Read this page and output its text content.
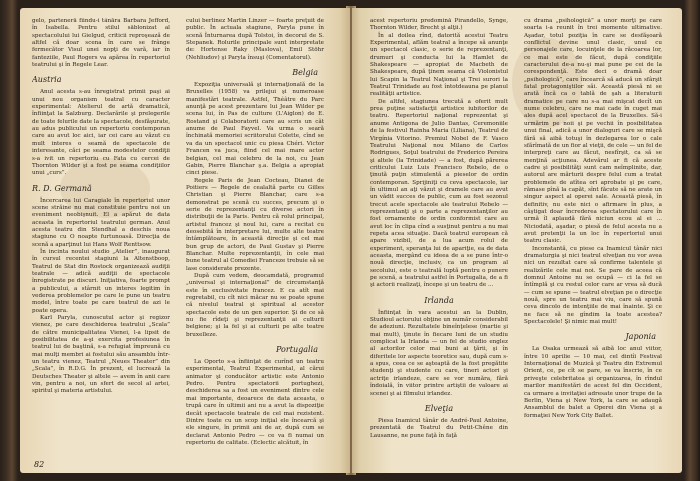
gelo, partenerā fiindu-i tânāra Barbara Jefford, în Isabella. Pentru stilul sāblonizat al spectacolului lui Gielgud, criticii reproşează de altfel că doar scena în care se frânge fermecător Visul unei nopţi de vară, iar în fanteziile, Paul Rogers va apărea în repertoriul teatrului şi în Regele Lear.

Austria

Anul acesta s-au înregistrat primii paşi ai unui nou organism teatral cu caracter experimental: Atelierul de artă dramatică, înfiinţat la Salzburg. Declarările şi prelegerile de toate felurile date la spectacole, desfăşurate, au adus publicului un repertoriu contemporan care au avut loc aici, iar cei care au văzut cu mult interes o seamă de spectacole de interesante, căci pe seama modestelor condiţii s-a ivit un repertoriu cu Fata cu cercei de Thornton Wilder şi a fost pe seama condiţiilor unui „curs”.

R. D. Germană

Încercarea lui Caragiale în repertoriul unor scene străine nu mai constituie pentru noi un eveniment neobişnuit. El a apărut de data aceasta în repertoriul teatrului german. Anul acesta teatru din Stendhal a deschis noua stagiune cu O noapte furtunoasă. Direcţia de scenă a aparţinut lui Hans Wolf Renttsow.

În incinta noului studio „Atelier”, inaugurat în cursul recentei stagiuni la Altenstboop, Teatrul de Stat din Rostock organizează audiţii teatrale — adică audiţii de spectacole înregistrate pe discuri. Iniţiativa, foarte prompt a publicului, a stârnit un interes legitim în vederea problemelor pe care le pune un teatru model, între toate pe care teatrul de azi le poate opera.

Karl Paryla, cunoscutul actor şi regizor vienez, pe care deschiderea teatrului „Scala” de către municipalitatea Vienei, l-a lipsit de posibilitatea de a-şi exercita profesiunea în teatrul lui de baştină, s-a refugiat împreună cu mai mulţi membri ai fostului său ansamblu într-un teatru vienez, Teatrul „Neues Theater” din „Scala”, în R.D.G. În prezent, el lucrează la Deutsches Theater şi altele — avem în anii care vin, pentru a noi, un sfert de secol al artei, spiritul şi materia artistului.

cului berlinez Martin Linzer — foarte preţuit de public. În actuala stagiune, Paryla pune în scenă Înturnarea după Tolstoi, în decorul de S. Stepanek. Rolurile principale sunt interpretate de: Hortense Raky (Maslova), Emil Stöhr (Nehliudov) şi Paryla însuşi (Comentatorul).

Belgia

Expoziţia universală şi internaţională de la Bruxelles (1958) va prilejui şi numeroase manifestări teatrale. Astfel, Théâtre du Parc anunţă pe acest prezentare lui Jean Wilder pe scena lui, în Pas de culture (L'Aiglon) de E. Rostand şi Colaboratorii care au scris un cât anume de Paul Fayvel. Va urma o seară închinată memoriei scriitorului Colette, cînd se va da un spectacol unic cu piesa Chéri. Victor Francen va juca, fiind cel mai mare actor belgian, cel mai celebru de la noi, cu Jean Gabin, Pierre Blanchar ş.a. Belgia a apropiat cinci piese.

Regele Paris de Jean Cocteau, Dianei de Poitiers — Regele de cealaltă parte cu Gilles Christian şi Pierre Blanchar, care s-a demonstrat pe scenă cu succes, precum şi o serie de reprezentanţi cu diverse actori în distribuţii de la Paris. Pentru că rolul principal, artistul francez şi noul lui, care a recitat cu deosebită în interpretare lui, multe alte teatre întâmplătoare, în această direcţie şi cel mai bun grup de actori, de Paul Gustav şi Pierre Blanchar. Multe reprezentanţii, în cele mai bune teatrul al Comediei Franceze trebuie să se lase considerate prezente.

După cum vedem, deocamdată, programul „universal şi internaţional” de circumstanţă este în exclusivitate francez. E ca atît mai regretabil, cu cît nici măcar nu se poate spune că nivelul teatral şi spiritual al acestor spectacole este de un gen superior. Şi de ce să nu fie rîdeţi şi reprezentanţii ai culturii belgiene; şi la fel şi ai culturii pe alte teatre bruxelleze.

Portugalia

La Oporto s-a înfiinţat de curînd un teatru experimental, Teatrul Experimental, al cărui animator şi conducător artistic este Antonio Pedro. Pentru spectatorii portughezi, deschiderea sa a fost un eveniment dintre cele mai importante, deoarece de data aceasta, o trupă care în ultimii ani nu a avut la dispoziţie decât spectacole teatrale de cel mai rezistent. Dintre toate cu un scop iniţial ele încearcă şi ele singure, în primii ani de ar, după cum se declarat Antonio Pedro — ce va fi numai un repertoriu de calitate. (Eclectic alcătuit, în

82

acest repertoriu predomină Pirandello, Synge, Thornton Wilder, Brecht şi alţii.)

În al doilea rînd, datorită acestui Teatru Experimental, aflăm teatral a începe să anunţe un spectacol clasic, o serie de reprezentanţi, drumuri şi conducta lui la Hamlet de Shakespeare — apropiat de Macbeth de Shakespeare, după ţinem seama că Violonistul lui Scapin la Teatrul Naţional şi Trei surori la Teatrul Trinidade au fost întotdeauna pe planul realităţii artistice.

De altfel, stagiunea trecută a oferit mult prea puţine satisfacţii artistice iubitorilor de teatru. Repertoriul naţional reprezentat şi anume Antigona de Julio Dantas, Ceremoniile de la festivul Rainha Maria (Liliana), Teatrul de Virgínia Vitorino. Premiul Nobel de F. Vasco Teatrului Naţional nou Milano de Carlos Rodrigues, Soţul teatrului de Frederico Pereira şi altele (la Trinidade) — a fost, după părerea criticului Luiz Luis Francisco Rebelo, de o ţinută puţin stimulentă a pieselor de ordin contemporan. Sprijiniţi cu ceva spectacole, iar în ultimul an aţi văzut şi dramele care au avut un vădit succes de public, cum au fost sezonul trecut acele spectacole ale teatrului Rebelo — reprezentanţi şi o parte a reprezentanţilor au fost ornamente de ordin conformist care au avut loc în clipa cînd a susţinut pentru a nu mai repeta acea situaţie. Dacă teatrul european că apare vizibil, de a lua acum rolul de experiment, speranţa lui de apariţie, ea de data aceasta, mergând cu ideea de a se pune într-o nouă direcţie, inclusiv, ca un program al secolului, este o teatrală luptă pentru o punere pe scenă, a teatrului astfel în Portugalia, de a fi şi actorii realizaţi, începe şi un teatru de ...

Irlanda

Înfiinţat în vara acestui an la Dublin, Studioul actorului obţine un număr considerabil de adeziuni. Rezultatele bineînţelese (martie şi mai mult), ţinute în fiecare luni de un studiu complicat la Irlanda — un fel de studio englez al actorilor celor mai buni ai ţării, şi în diferitele lor aspecte teoretice sau, după cum s-a spus, ceea ce se aşteaptă de la fost pregătite studenţi şi studente cu care, tineri actori şi actriţe irlandeze, care se vor număra, fără îndoială, în viitor printre artiştii de valoare ai scenei şi ai filmului irlandez.

Elveţia

Piesa Inamicul tânăr de André-Paul Antoine, prezentată de Teatrul du Petit-Chêne din Lausanne, ne pune faţă în faţă

cu drama „psihologică” a unor morţi pe care soarta i-a reunit în trei momente ultimative. Aşadar, totul poziţia în care se desfăşoară conflictul devine unul clasic, unul cu personajele care, locuinţele de la răcoarea lor, ce mai este de făcut, după condiţiile caracterului de-a nu-şi mai pune pe cei de la corespondenţă. Este deci o dramă doar „psihologică”, care încearcă să aducă un sfârşit fatal protagoniştilor săi. Această piesă ni se arată încă ca o tablă de şah a literaturii dramatice pe care nu s-a mai mişcat decît un nume celebru, care ne mai cade în cuget mai ales după acel spectacol de la Bruxelles. Să-i urmărim pe noii şi pe vechii în posibilitatea unui final, adică a unor dialoguri care se mişcă fără să aibă totuşi în dezlegarea lor o cale sfărîmată de un fior al vieţii, de cele — un fel de interpreţi care au făcut, nesfîrşit, ca să se menţină acţiunea. Adevărul ar fi că aceste cadre şi posibilităţi sunt cam neîmplinite, dar, autorul are mărturii despre felul cum a tratat problemele de atîtea ori aprobate şi pe care, rămase pînă la capăt, sînt făcute să ne arate un singur aspect al operei sale. Această piesă, în definitiv, nu este nici o afirmare în plus, a câştigat doar încrederea spectatorului care în urmă îl aplaudă fără niciun ecou al ei ... Niciodată, aşadar, o piesă de felul acesta nu a avut pretenţii la un loc în repertoriul unui teatru clasic.

Inconstantă, cu piese ca Inamicul tânăr nici dramaturgia şi nici teatrul elveţian nu vor avea nici un rezultat care să confirme talentele şi realizările cele mai noi. Se pare de aceea că domnul Antoine nu se ocupă — ci la fel se întîmplă şi cu restul celor care ar vrea să ducă — cum se spune — teatrul elveţian pe o direcţie nouă, spre un teatru mai viu, care să spună ceva dincolo de intenţiile de mai înainte. Şi ce ne face să ne gîndim la toate acestea? Spectacolele! Şi nimic mai mult!

Japonia

La Osaka urmează să aibă loc anul viitor, între 10 aprilie — 10 mai, cel dintîi Festival Internaţional de Muzică şi Teatru din Extremul Orient, ce, pe cît se pare, se va înscrie, în ce priveşte celebritatea şi organizarea, în rîndul marilor manifestări de acest fel din Occident, ca urmare a invitaţiei adresate unor trupe de la Berlin, Viena şi New York, la care se adaugă Ansamblul de balet a Operei din Viena şi a formaţiei New York City Ballet.
